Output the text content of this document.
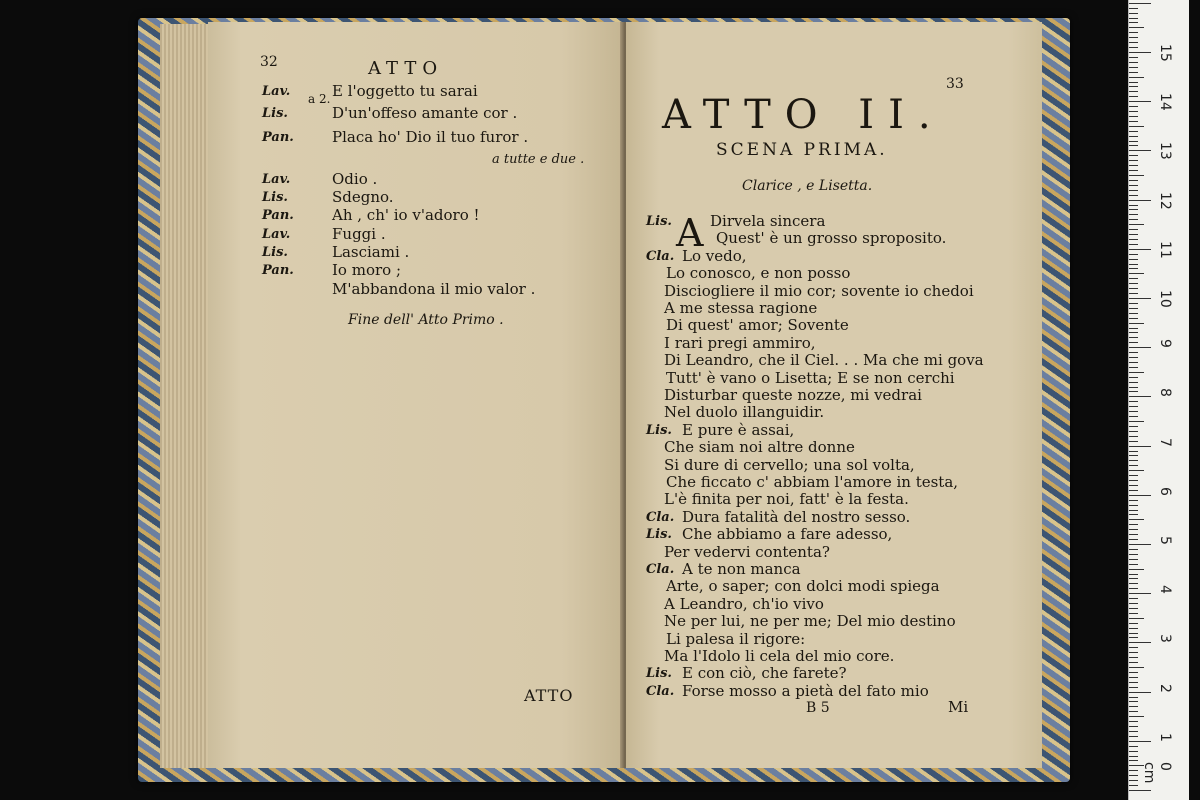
32	ATTO
a 2.
Lav.	E l'oggetto tu sarai
Lis.	D'un'offeso amante cor .
Pan.	Placa ho' Dio il tuo furor .
a tutte e due .
Lav.	Odio .
Lis.	Sdegno.
Pan.	Ah , ch' io v'adoro !
Lav.	Fuggi .
Lis.	Lasciami .
Pan.	Io moro ;
M'abbandona il mio valor .
Fine dell' Atto Primo .
ATTO
33
ATTO II.
SCENA PRIMA.
Clarice , e Lisetta.
A
Lis.	Dirvela sincera
Quest' è un grosso sproposito.
Cla. Lo vedo,
Lo conosco, e non posso
Disciogliere il mio cor; sovente io chedoi
A me stessa ragione
Di quest' amor; Sovente
I rari pregi ammiro,
Di Leandro, che il Ciel. . . Ma che mi gova
Tutt' è vano o Lisetta; E se non cerchi
Disturbar queste nozze, mi vedrai
Nel duolo illanguidir.
Lis. E pure è assai,
Che siam noi altre donne
Si dure di cervello; una sol volta,
Che ficcato c' abbiam l'amore in testa,
L'è finita per noi, fatt' è la festa.
Cla. Dura fatalità del nostro sesso.
Lis. Che abbiamo a fare adesso,
Per vedervi contenta?
Cla. A te non manca
Arte, o saper; con dolci modi spiega
A Leandro, ch'io vivo
Ne per lui, ne per me; Del mio destino
Li palesa il rigore:
Ma l'Idolo li cela del mio core.
Lis. E con ciò, che farete?
Cla. Forse mosso a pietà del fato mio
B 5	Mi
0 cm
1
2
3
4
5
6
7
8
9
10
11
12
13
14
15
